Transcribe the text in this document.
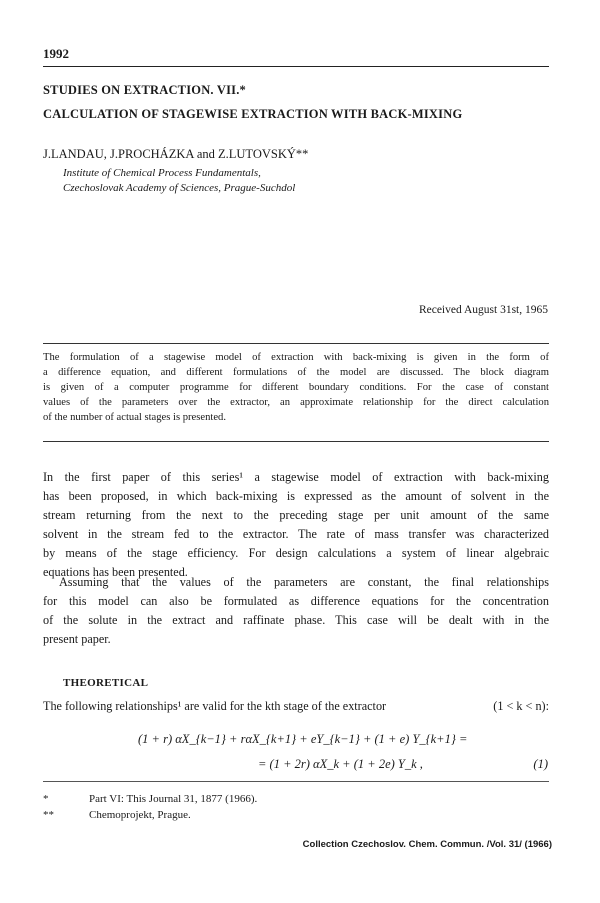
1992
STUDIES ON EXTRACTION. VII.*
CALCULATION OF STAGEWISE EXTRACTION WITH BACK-MIXING
J.LANDAU, J.PROCHÁZKA and Z.LUTOVSKÝ**
Institute of Chemical Process Fundamentals,
Czechoslovak Academy of Sciences, Prague-Suchdol
Received August 31st, 1965
The formulation of a stagewise model of extraction with back-mixing is given in the form of
a difference equation, and different formulations of the model are discussed. The block diagram
is given of a computer programme for different boundary conditions. For the case of constant
values of the parameters over the extractor, an approximate relationship for the direct calculation
of the number of actual stages is presented.
In the first paper of this series¹ a stagewise model of extraction with back-mixing
has been proposed, in which back-mixing is expressed as the amount of solvent in the
stream returning from the next to the preceding stage per unit amount of the same
solvent in the stream fed to the extractor. The rate of mass transfer was characterized
by means of the stage efficiency. For design calculations a system of linear algebraic
equations has been presented.
Assuming that the values of the parameters are constant, the final relationships
for this model can also be formulated as difference equations for the concentration
of the solute in the extract and raffinate phase. This case will be dealt with in the
present paper.
THEORETICAL
The following relationships¹ are valid for the kth stage of the extractor	(1 < k < n):
(1 + r) αX_{k−1} + rαX_{k+1} + eY_{k−1} + (1 + e) Y_{k+1} =
= (1 + 2r) αX_k + (1 + 2e) Y_k ,	(1)
*	Part VI: This Journal 31, 1877 (1966).
**	Chemoprojekt, Prague.
Collection Czechoslov. Chem. Commun. /Vol. 31/ (1966)
